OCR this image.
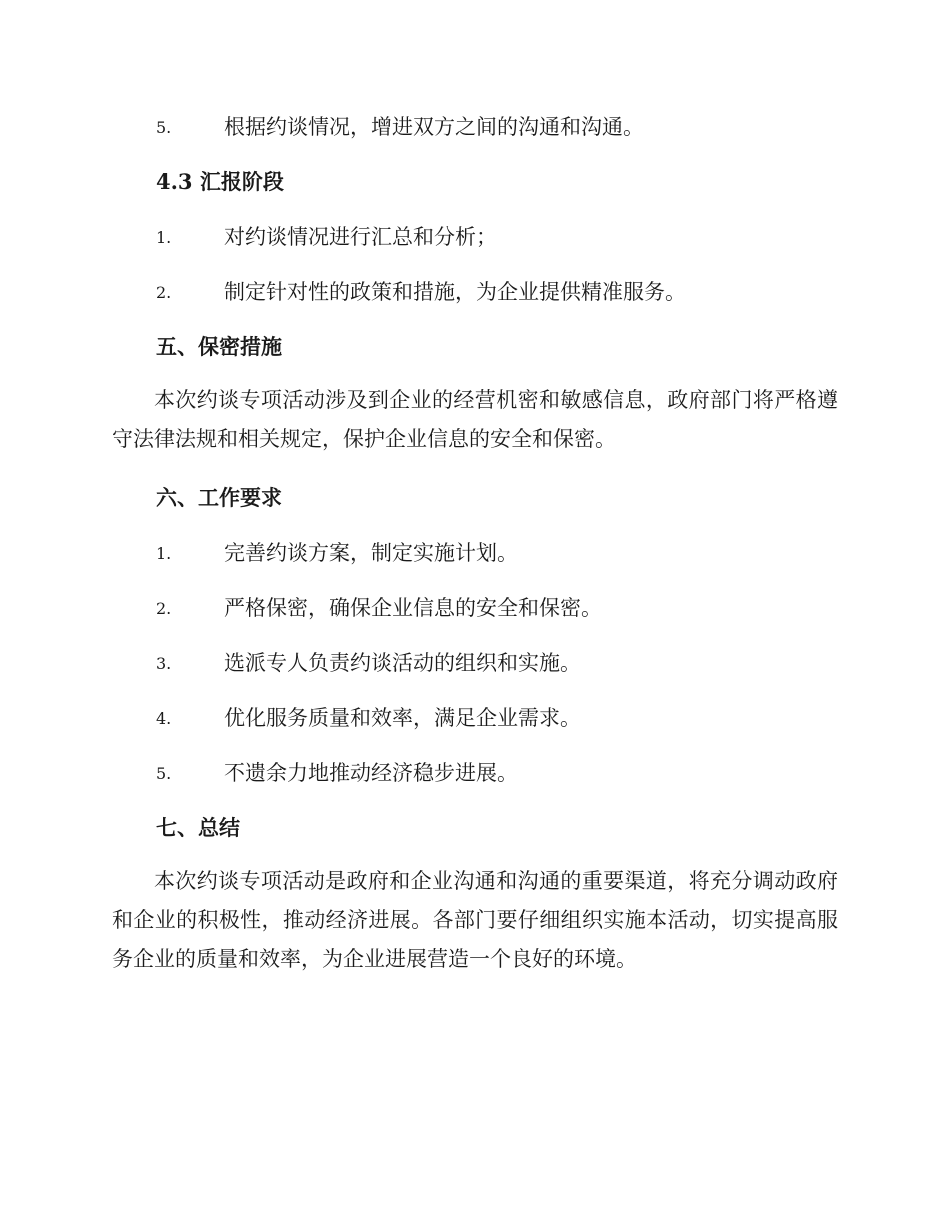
5.	根据约谈情况，增进双方之间的沟通和沟通。
4.3 汇报阶段
1.	对约谈情况进行汇总和分析；
2.	制定针对性的政策和措施，为企业提供精准服务。
五、保密措施
本次约谈专项活动涉及到企业的经营机密和敏感信息，政府部门将严格遵守法律法规和相关规定，保护企业信息的安全和保密。
六、工作要求
1.	完善约谈方案，制定实施计划。
2.	严格保密，确保企业信息的安全和保密。
3.	选派专人负责约谈活动的组织和实施。
4.	优化服务质量和效率，满足企业需求。
5.	不遗余力地推动经济稳步进展。
七、总结
本次约谈专项活动是政府和企业沟通和沟通的重要渠道，将充分调动政府和企业的积极性，推动经济进展。各部门要仔细组织实施本活动，切实提高服务企业的质量和效率，为企业进展营造一个良好的环境。
